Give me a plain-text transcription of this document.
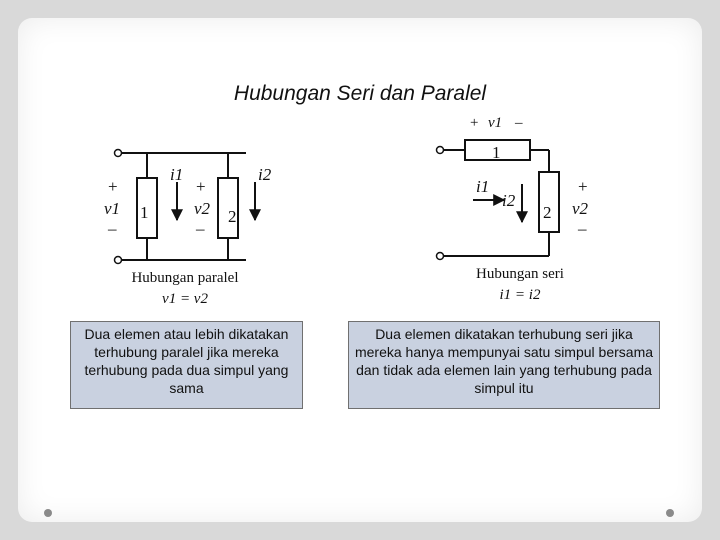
Hubungan Seri dan Paralel
+
v1
–
1
i1
+
v2
–
2
i2
+ v1 –
1
i1
i2
2
+
v2
–
Hubungan paralel
v1 = v2
Hubungan seri
i1 = i2
Dua elemen atau lebih dikatakan terhubung paralel jika mereka terhubung pada dua simpul yang sama
Dua elemen dikatakan terhubung seri jika mereka hanya mempunyai satu simpul bersama dan tidak ada elemen lain yang terhubung pada simpul itu
